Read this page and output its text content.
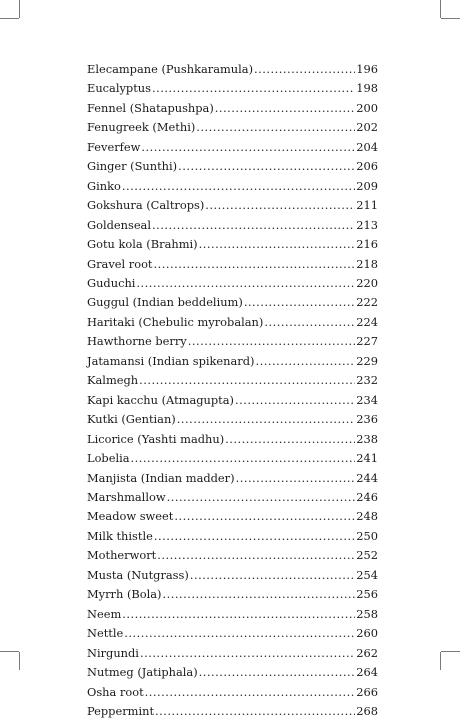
Elecampane (Pushkaramula) .....	196
Eucalyptus .....	198
Fennel (Shatapushpa) .....	200
Fenugreek (Methi) .....	202
Feverfew .....	204
Ginger (Sunthi) .....	206
Ginko .....	209
Gokshura (Caltrops) .....	211
Goldenseal .....	213
Gotu kola (Brahmi) .....	216
Gravel root .....	218
Guduchi .....	220
Guggul (Indian beddelium) .....	222
Haritaki (Chebulic myrobalan) .....	224
Hawthorne berry .....	227
Jatamansi (Indian spikenard) .....	229
Kalmegh .....	232
Kapi kacchu (Atmagupta) .....	234
Kutki (Gentian) .....	236
Licorice (Yashti madhu) .....	238
Lobelia .....	241
Manjista (Indian madder) .....	244
Marshmallow .....	246
Meadow sweet .....	248
Milk thistle .....	250
Motherwort .....	252
Musta (Nutgrass) .....	254
Myrrh (Bola) .....	256
Neem .....	258
Nettle .....	260
Nirgundi .....	262
Nutmeg (Jatiphala) .....	264
Osha root .....	266
Peppermint .....	268
